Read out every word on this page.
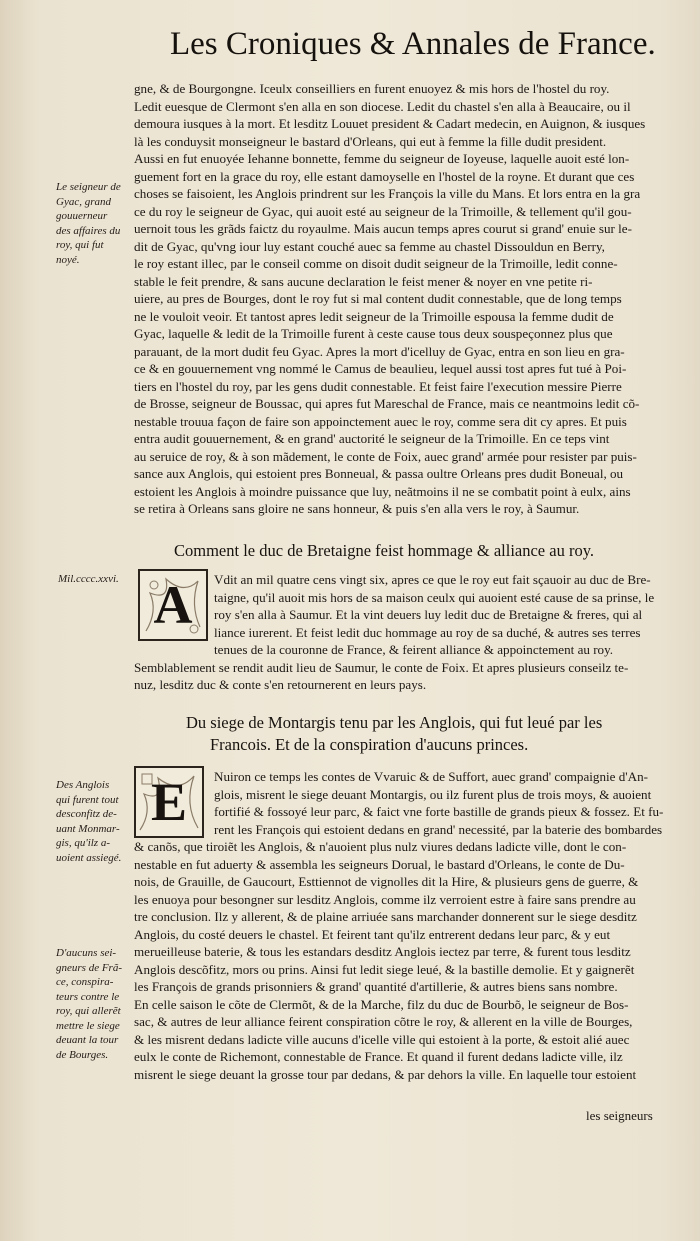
Les Croniques & Annales de France.
Le seigneur de
Gyac, grand
gouuerneur
des affaires du
roy, qui fut
noyé.
Mil.cccc.xxvi.
Des Anglois
qui furent tout
desconfitz de-
uant Monmar-
gis, qu'ilz a-
uoient assiegé.
D'aucuns sei-
gneurs de Frã-
ce, conspira-
teurs contre le
roy, qui allerẽt
mettre le siege
deuant la tour
de Bourges.
gne, & de Bourgongne. Iceulx conseilliers en furent enuoyez & mis hors de l'hostel du roy.
Ledit euesque de Clermont s'en alla en son diocese. Ledit du chastel s'en alla à Beaucaire, ou il
demoura iusques à la mort. Et lesditz Louuet president & Cadart medecin, en Auignon, & iusques
là les conduysit monseigneur le bastard d'Orleans, qui eut à femme la fille dudit president.
Aussi en fut enuoyée Iehanne bonnette, femme du seigneur de Ioyeuse, laquelle auoit esté lon-
guement fort en la grace du roy, elle estant damoyselle en l'hostel de la royne. Et durant que ces
choses se faisoient, les Anglois prindrent sur les François la ville du Mans. Et lors entra en la gra
ce du roy le seigneur de Gyac, qui auoit esté au seigneur de la Trimoille, & tellement qu'il gou-
uernoit tous les grãds faictz du royaulme. Mais aucun temps apres courut si grand' enuie sur le-
dit de Gyac, qu'vng iour luy estant couché auec sa femme au chastel Dissouldun en Berry,
le roy estant illec, par le conseil comme on disoit dudit seigneur de la Trimoille, ledit conne-
stable le feit prendre, & sans aucune declaration le feist mener & noyer en vne petite ri-
uiere, au pres de Bourges, dont le roy fut si mal content dudit connestable, que de long temps
ne le vouloit veoir. Et tantost apres ledit seigneur de la Trimoille espousa la femme dudit de
Gyac, laquelle & ledit de la Trimoille furent à ceste cause tous deux souspeçonnez plus que
parauant, de la mort dudit feu Gyac. Apres la mort d'icelluy de Gyac, entra en son lieu en gra-
ce & en gouuernement vng nommé le Camus de beaulieu, lequel aussi tost apres fut tué à Poi-
tiers en l'hostel du roy, par les gens dudit connestable. Et feist faire l'execution messire Pierre
de Brosse, seigneur de Boussac, qui apres fut Mareschal de France, mais ce neantmoins ledit cõ-
nestable trouua façon de faire son appoinctement auec le roy, comme sera dit cy apres. Et puis
entra audit gouuernement, & en grand' auctorité le seigneur de la Trimoille. En ce teps vint
au seruice de roy, & à son mãdement, le conte de Foix, auec grand' armée pour resister par puis-
sance aux Anglois, qui estoient pres Bonneual, & passa oultre Orleans pres dudit Boneual, ou
estoient les Anglois à moindre puissance que luy, neãtmoins il ne se combatit point à eulx, ains
se retira à Orleans sans gloire ne sans honneur, & puis s'en alla vers le roy, à Saumur.
Comment le duc de Bretaigne feist hommage & alliance au roy.
A	Vdit an mil quatre cens vingt six, apres ce que le roy eut fait sçauoir au duc de Bre-
taigne, qu'il auoit mis hors de sa maison ceulx qui auoient esté cause de sa prinse, le
roy s'en alla à Saumur. Et la vint deuers luy ledit duc de Bretaigne & freres, qui al
liance iurerent. Et feist ledit duc hommage au roy de sa duché, & autres ses terres
tenues de la couronne de France, & feirent alliance & appoinctement au roy.
Semblablement se rendit audit lieu de Saumur, le conte de Foix. Et apres plusieurs conseilz te-
nuz, lesditz duc & conte s'en retournerent en leurs pays.
Du siege de Montargis tenu par les Anglois, qui fut leué par les
Francois. Et de la conspiration d'aucuns princes.
E	Nuiron ce temps les contes de Vvaruic & de Suffort, auec grand' compaignie d'An-
glois, misrent le siege deuant Montargis, ou ilz furent plus de trois moys, & auoient
fortifié & fossoyé leur parc, & faict vne forte bastille de grands pieux & fossez. Et fu-
rent les François qui estoient dedans en grand' necessité, par la baterie des bombardes
& canõs, que tiroiẽt les Anglois, & n'auoient plus nulz viures dedans ladicte ville, dont le con-
nestable en fut aduerty & assembla les seigneurs Dorual, le bastard d'Orleans, le conte de Du-
nois, de Grauille, de Gaucourt, Esttiennot de vignolles dit la Hire, & plusieurs gens de guerre, &
les enuoya pour besongner sur lesditz Anglois, comme ilz verroient estre à faire sans prendre au
tre conclusion. Ilz y allerent, & de plaine arriuée sans marchander donnerent sur le siege desditz
Anglois, du costé deuers le chastel. Et feirent tant qu'ilz entrerent dedans leur parc, & y eut
merueilleuse baterie, & tous les estandars desditz Anglois iectez par terre, & furent tous lesditz
Anglois descõfitz, mors ou prins. Ainsi fut ledit siege leué, & la bastille demolie. Et y gaignerẽt
les François de grands prisonniers & grand' quantité d'artillerie, & autres biens sans nombre.
En celle saison le cõte de Clermõt, & de la Marche, filz du duc de Bourbõ, le seigneur de Bos-
sac, & autres de leur alliance feirent conspiration cõtre le roy, & allerent en la ville de Bourges,
& les misrent dedans ladicte ville aucuns d'icelle ville qui estoient à la porte, & estoit alié auec
eulx le conte de Richemont, connestable de France. Et quand il furent dedans ladicte ville, ilz
misrent le siege deuant la grosse tour par dedans, & par dehors la ville. En laquelle tour estoient
les seigneurs
